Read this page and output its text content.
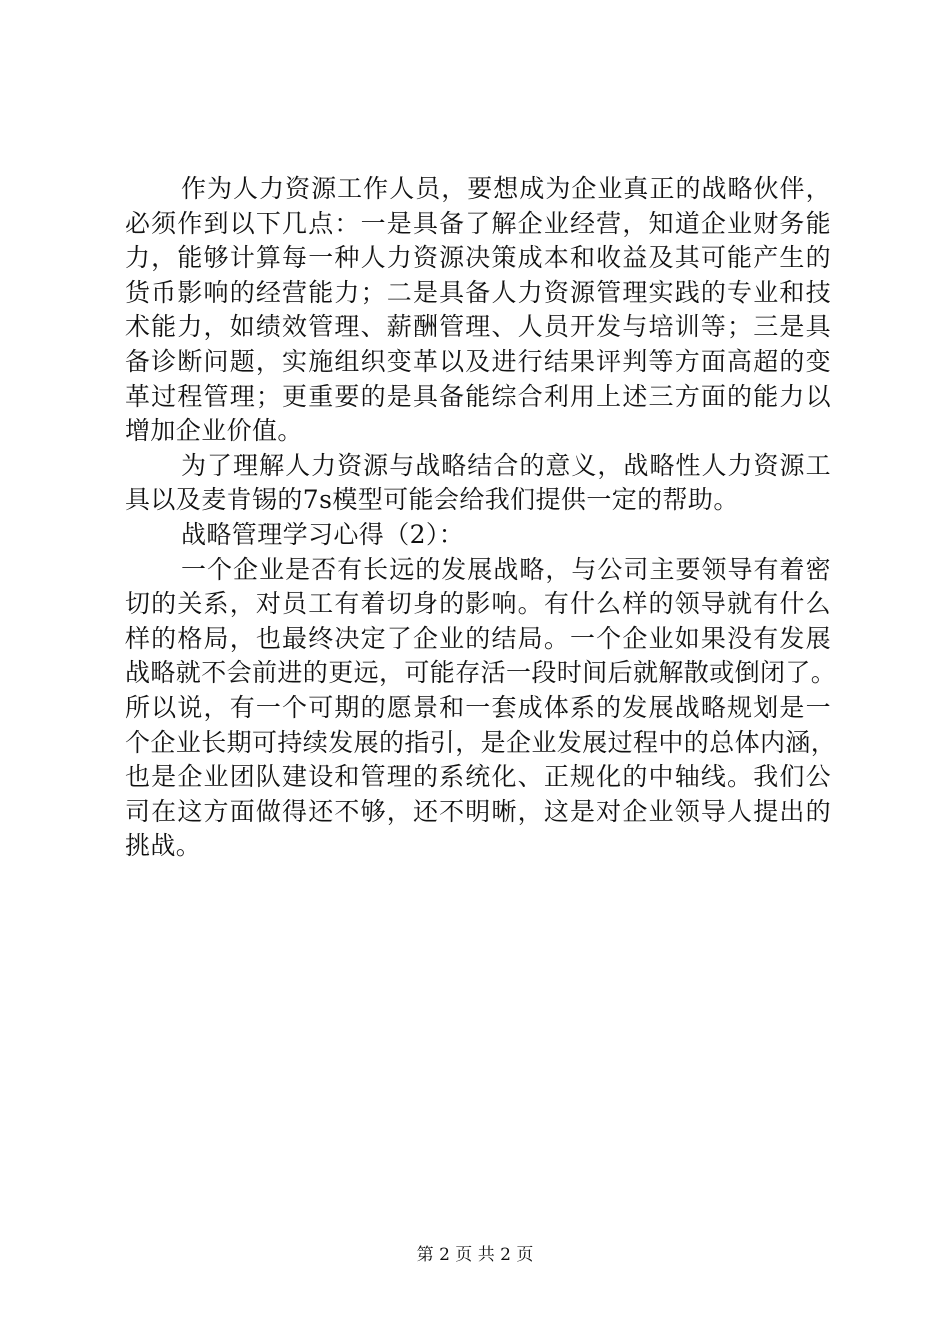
作为人力资源工作人员，要想成为企业真正的战略伙伴，
必须作到以下几点：一是具备了解企业经营，知道企业财务能
力，能够计算每一种人力资源决策成本和收益及其可能产生的
货币影响的经营能力；二是具备人力资源管理实践的专业和技
术能力，如绩效管理、薪酬管理、人员开发与培训等；三是具
备诊断问题，实施组织变革以及进行结果评判等方面高超的变
革过程管理；更重要的是具备能综合利用上述三方面的能力以
增加企业价值。
为了理解人力资源与战略结合的意义，战略性人力资源工
具以及麦肯锡的7s模型可能会给我们提供一定的帮助。
战略管理学习心得（2）：
一个企业是否有长远的发展战略，与公司主要领导有着密
切的关系，对员工有着切身的影响。有什么样的领导就有什么
样的格局，也最终决定了企业的结局。一个企业如果没有发展
战略就不会前进的更远，可能存活一段时间后就解散或倒闭了。
所以说，有一个可期的愿景和一套成体系的发展战略规划是一
个企业长期可持续发展的指引，是企业发展过程中的总体内涵，
也是企业团队建设和管理的系统化、正规化的中轴线。我们公
司在这方面做得还不够，还不明晰，这是对企业领导人提出的
挑战。
第 2 页 共 2 页
